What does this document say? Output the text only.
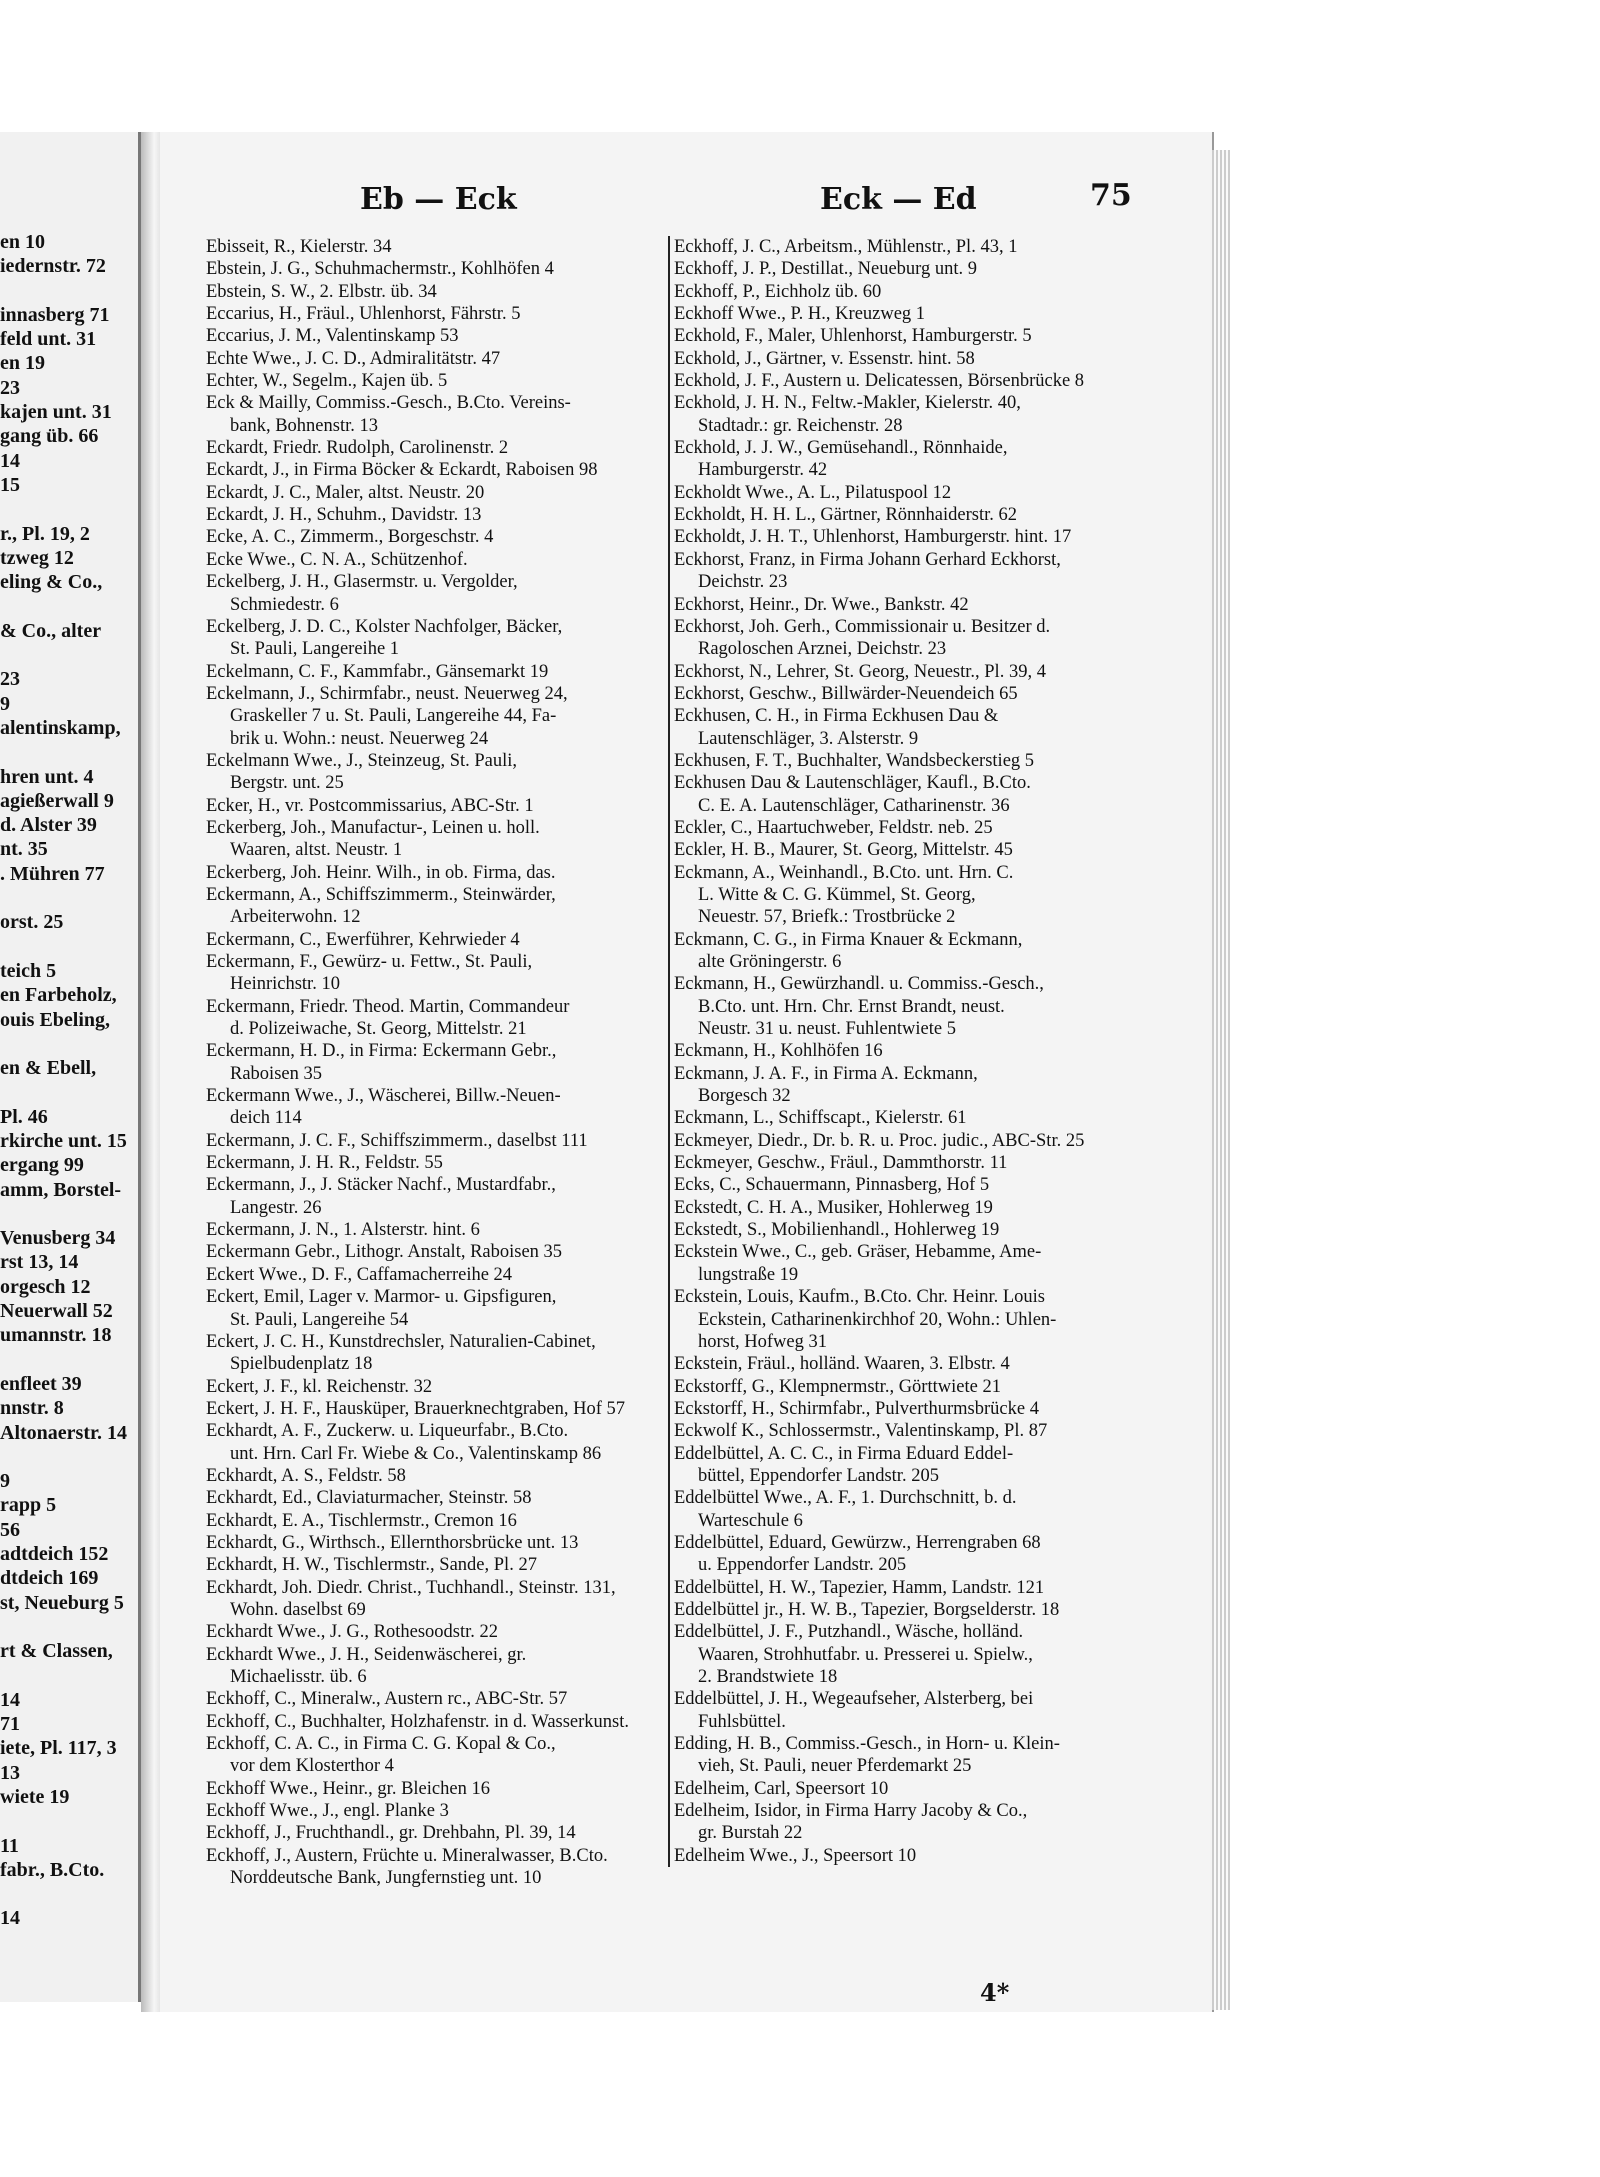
en 10
iedernstr. 72
innasberg 71
feld unt. 31
en 19
23
kajen unt. 31
gang üb. 66
14
15
r., Pl. 19, 2
tzweg 12
eling & Co.,
& Co., alter
23
9
alentinskamp,
hren unt. 4
agießerwall 9
d. Alster 39
nt. 35
. Mühren 77
orst. 25
teich 5
en Farbeholz,
ouis Ebeling,
en & Ebell,
Pl. 46
rkirche unt. 15
ergang 99
amm, Borstel-
Venusberg 34
rst 13, 14
orgesch 12
Neuerwall 52
umannstr. 18
enfleet 39
nnstr. 8
Altonaerstr. 14
9
rapp 5
56
adtdeich 152
dtdeich 169
st, Neueburg 5
rt & Classen,
14
71
iete, Pl. 117, 3
13
wiete 19
11
fabr., B.Cto.
14
Eb — Eck	Eck — Ed	75
Ebisseit, R., Kielerstr. 34
Ebstein, J. G., Schuhmachermstr., Kohlhöfen 4
Ebstein, S. W., 2. Elbstr. üb. 34
Eccarius, H., Fräul., Uhlenhorst, Fährstr. 5
Eccarius, J. M., Valentinskamp 53
Echte Wwe., J. C. D., Admiralitätstr. 47
Echter, W., Segelm., Kajen üb. 5
Eck & Mailly, Commiss.-Gesch., B.Cto. Vereins-
bank, Bohnenstr. 13
Eckardt, Friedr. Rudolph, Carolinenstr. 2
Eckardt, J., in Firma Böcker & Eckardt, Raboisen 98
Eckardt, J. C., Maler, altst. Neustr. 20
Eckardt, J. H., Schuhm., Davidstr. 13
Ecke, A. C., Zimmerm., Borgeschstr. 4
Ecke Wwe., C. N. A., Schützenhof.
Eckelberg, J. H., Glasermstr. u. Vergolder,
Schmiedestr. 6
Eckelberg, J. D. C., Kolster Nachfolger, Bäcker,
St. Pauli, Langereihe 1
Eckelmann, C. F., Kammfabr., Gänsemarkt 19
Eckelmann, J., Schirmfabr., neust. Neuerweg 24,
Graskeller 7 u. St. Pauli, Langereihe 44, Fa-
brik u. Wohn.: neust. Neuerweg 24
Eckelmann Wwe., J., Steinzeug, St. Pauli,
Bergstr. unt. 25
Ecker, H., vr. Postcommissarius, ABC-Str. 1
Eckerberg, Joh., Manufactur-, Leinen u. holl.
Waaren, altst. Neustr. 1
Eckerberg, Joh. Heinr. Wilh., in ob. Firma, das.
Eckermann, A., Schiffszimmerm., Steinwärder,
Arbeiterwohn. 12
Eckermann, C., Ewerführer, Kehrwieder 4
Eckermann, F., Gewürz- u. Fettw., St. Pauli,
Heinrichstr. 10
Eckermann, Friedr. Theod. Martin, Commandeur
d. Polizeiwache, St. Georg, Mittelstr. 21
Eckermann, H. D., in Firma: Eckermann Gebr.,
Raboisen 35
Eckermann Wwe., J., Wäscherei, Billw.-Neuen-
deich 114
Eckermann, J. C. F., Schiffszimmerm., daselbst 111
Eckermann, J. H. R., Feldstr. 55
Eckermann, J., J. Stäcker Nachf., Mustardfabr.,
Langestr. 26
Eckermann, J. N., 1. Alsterstr. hint. 6
Eckermann Gebr., Lithogr. Anstalt, Raboisen 35
Eckert Wwe., D. F., Caffamacherreihe 24
Eckert, Emil, Lager v. Marmor- u. Gipsfiguren,
St. Pauli, Langereihe 54
Eckert, J. C. H., Kunstdrechsler, Naturalien-Cabinet,
Spielbudenplatz 18
Eckert, J. F., kl. Reichenstr. 32
Eckert, J. H. F., Hausküper, Brauerknechtgraben, Hof 57
Eckhardt, A. F., Zuckerw. u. Liqueurfabr., B.Cto.
unt. Hrn. Carl Fr. Wiebe & Co., Valentinskamp 86
Eckhardt, A. S., Feldstr. 58
Eckhardt, Ed., Claviaturmacher, Steinstr. 58
Eckhardt, E. A., Tischlermstr., Cremon 16
Eckhardt, G., Wirthsch., Ellernthorsbrücke unt. 13
Eckhardt, H. W., Tischlermstr., Sande, Pl. 27
Eckhardt, Joh. Diedr. Christ., Tuchhandl., Steinstr. 131,
Wohn. daselbst 69
Eckhardt Wwe., J. G., Rothesoodstr. 22
Eckhardt Wwe., J. H., Seidenwäscherei, gr.
Michaelisstr. üb. 6
Eckhoff, C., Mineralw., Austern rc., ABC-Str. 57
Eckhoff, C., Buchhalter, Holzhafenstr. in d. Wasserkunst.
Eckhoff, C. A. C., in Firma C. G. Kopal & Co.,
vor dem Klosterthor 4
Eckhoff Wwe., Heinr., gr. Bleichen 16
Eckhoff Wwe., J., engl. Planke 3
Eckhoff, J., Fruchthandl., gr. Drehbahn, Pl. 39, 14
Eckhoff, J., Austern, Früchte u. Mineralwasser, B.Cto.
Norddeutsche Bank, Jungfernstieg unt. 10
Eckhoff, J. C., Arbeitsm., Mühlenstr., Pl. 43, 1
Eckhoff, J. P., Destillat., Neueburg unt. 9
Eckhoff, P., Eichholz üb. 60
Eckhoff Wwe., P. H., Kreuzweg 1
Eckhold, F., Maler, Uhlenhorst, Hamburgerstr. 5
Eckhold, J., Gärtner, v. Essenstr. hint. 58
Eckhold, J. F., Austern u. Delicatessen, Börsenbrücke 8
Eckhold, J. H. N., Feltw.-Makler, Kielerstr. 40,
Stadtadr.: gr. Reichenstr. 28
Eckhold, J. J. W., Gemüsehandl., Rönnhaide,
Hamburgerstr. 42
Eckholdt Wwe., A. L., Pilatuspool 12
Eckholdt, H. H. L., Gärtner, Rönnhaiderstr. 62
Eckholdt, J. H. T., Uhlenhorst, Hamburgerstr. hint. 17
Eckhorst, Franz, in Firma Johann Gerhard Eckhorst,
Deichstr. 23
Eckhorst, Heinr., Dr. Wwe., Bankstr. 42
Eckhorst, Joh. Gerh., Commissionair u. Besitzer d.
Ragoloschen Arznei, Deichstr. 23
Eckhorst, N., Lehrer, St. Georg, Neuestr., Pl. 39, 4
Eckhorst, Geschw., Billwärder-Neuendeich 65
Eckhusen, C. H., in Firma Eckhusen Dau &
Lautenschläger, 3. Alsterstr. 9
Eckhusen, F. T., Buchhalter, Wandsbeckerstieg 5
Eckhusen Dau & Lautenschläger, Kaufl., B.Cto.
C. E. A. Lautenschläger, Catharinenstr. 36
Eckler, C., Haartuchweber, Feldstr. neb. 25
Eckler, H. B., Maurer, St. Georg, Mittelstr. 45
Eckmann, A., Weinhandl., B.Cto. unt. Hrn. C.
L. Witte & C. G. Kümmel, St. Georg,
Neuestr. 57, Briefk.: Trostbrücke 2
Eckmann, C. G., in Firma Knauer & Eckmann,
alte Gröningerstr. 6
Eckmann, H., Gewürzhandl. u. Commiss.-Gesch.,
B.Cto. unt. Hrn. Chr. Ernst Brandt, neust.
Neustr. 31 u. neust. Fuhlentwiete 5
Eckmann, H., Kohlhöfen 16
Eckmann, J. A. F., in Firma A. Eckmann,
Borgesch 32
Eckmann, L., Schiffscapt., Kielerstr. 61
Eckmeyer, Diedr., Dr. b. R. u. Proc. judic., ABC-Str. 25
Eckmeyer, Geschw., Fräul., Dammthorstr. 11
Ecks, C., Schauermann, Pinnasberg, Hof 5
Eckstedt, C. H. A., Musiker, Hohlerweg 19
Eckstedt, S., Mobilienhandl., Hohlerweg 19
Eckstein Wwe., C., geb. Gräser, Hebamme, Ame-
lungstraße 19
Eckstein, Louis, Kaufm., B.Cto. Chr. Heinr. Louis
Eckstein, Catharinenkirchhof 20, Wohn.: Uhlen-
horst, Hofweg 31
Eckstein, Fräul., holländ. Waaren, 3. Elbstr. 4
Eckstorff, G., Klempnermstr., Görttwiete 21
Eckstorff, H., Schirmfabr., Pulverthurmsbrücke 4
Eckwolf K., Schlossermstr., Valentinskamp, Pl. 87
Eddelbüttel, A. C. C., in Firma Eduard Eddel-
büttel, Eppendorfer Landstr. 205
Eddelbüttel Wwe., A. F., 1. Durchschnitt, b. d.
Warteschule 6
Eddelbüttel, Eduard, Gewürzw., Herrengraben 68
u. Eppendorfer Landstr. 205
Eddelbüttel, H. W., Tapezier, Hamm, Landstr. 121
Eddelbüttel jr., H. W. B., Tapezier, Borgselderstr. 18
Eddelbüttel, J. F., Putzhandl., Wäsche, holländ.
Waaren, Strohhutfabr. u. Presserei u. Spielw.,
2. Brandstwiete 18
Eddelbüttel, J. H., Wegeaufseher, Alsterberg, bei
Fuhlsbüttel.
Edding, H. B., Commiss.-Gesch., in Horn- u. Klein-
vieh, St. Pauli, neuer Pferdemarkt 25
Edelheim, Carl, Speersort 10
Edelheim, Isidor, in Firma Harry Jacoby & Co.,
gr. Burstah 22
Edelheim Wwe., J., Speersort 10
4*
